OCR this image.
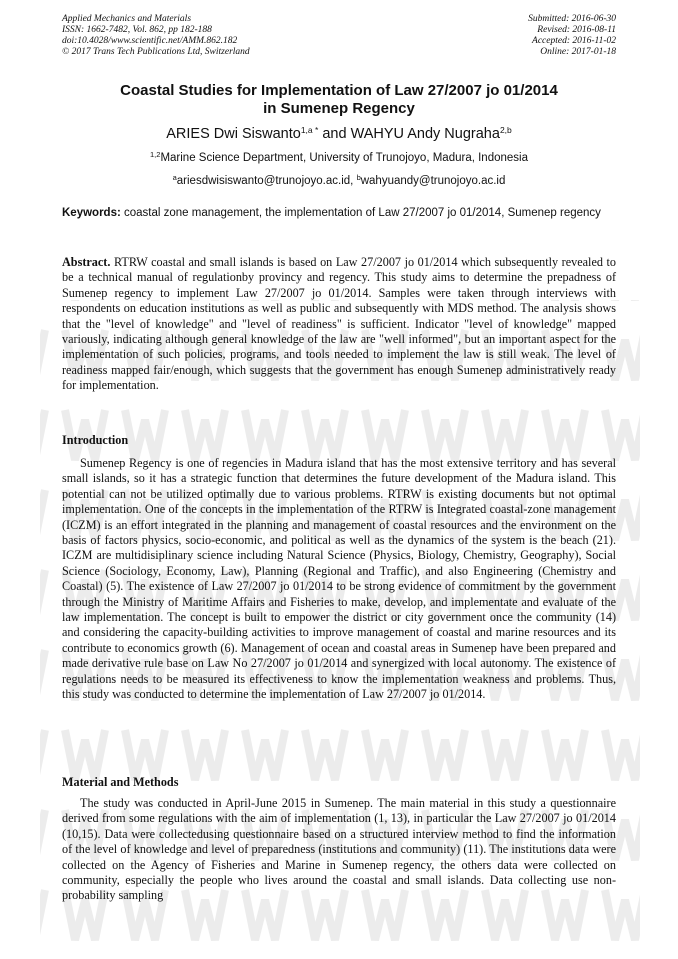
Applied Mechanics and Materials
ISSN: 1662-7482, Vol. 862, pp 182-188
doi:10.4028/www.scientific.net/AMM.862.182
© 2017 Trans Tech Publications Ltd, Switzerland
Submitted: 2016-06-30
Revised: 2016-08-11
Accepted: 2016-11-02
Online: 2017-01-18
Coastal Studies for Implementation of Law 27/2007 jo 01/2014
in Sumenep Regency
ARIES Dwi Siswanto$^{1,a *}$ and WAHYU Andy Nugraha$^{2,b}$
$^{1,2}$Marine Science Department, University of Trunojoyo, Madura, Indonesia
$^a$ariesdwisiswanto@trunojoyo.ac.id, $^b$wahyuandy@trunojoyo.ac.id
Keywords: coastal zone management, the implementation of Law 27/2007 jo 01/2014, Sumenep regency
Abstract. RTRW coastal and small islands is based on Law 27/2007 jo 01/2014 which subsequently revealed to be a technical manual of regulationby provincy and regency. This study aims to determine the prepadness of Sumenep regency to implement Law 27/2007 jo 01/2014. Samples were taken through interviews with respondents on education institutions as well as public and subsequently with MDS method. The analysis shows that the "level of knowledge" and "level of readiness" is sufficient. Indicator "level of knowledge" mapped variously, indicating although general knowledge of the law are "well informed", but an important aspect for the implementation of such policies, programs, and tools needed to implement the law is still weak. The level of readiness mapped fair/enough, which suggests that the government has enough Sumenep administratively ready for implementation.
Introduction
Sumenep Regency is one of regencies in Madura island that has the most extensive territory and has several small islands, so it has a strategic function that determines the future development of the Madura island. This potential can not be utilized optimally due to various problems. RTRW is existing documents but not optimal implementation. One of the concepts in the implementation of the RTRW is Integrated coastal-zone management (ICZM) is an effort integrated in the planning and management of coastal resources and the environment on the basis of factors physics, socio-economic, and political as well as the dynamics of the system is the beach (21). ICZM are multidisiplinary science including Natural Science (Physics, Biology, Chemistry, Geography), Social Science (Sociology, Economy, Law), Planning (Regional and Traffic), and also Engineering (Chemistry and Coastal) (5). The existence of Law 27/2007 jo 01/2014 to be strong evidence of commitment by the government through the Ministry of Maritime Affairs and Fisheries to make, develop, and implementate and evaluate of the law implementation. The concept is built to empower the district or city government once the community (14) and considering the capacity-building activities to improve management of coastal and marine resources and its contribute to economics growth (6). Management of ocean and coastal areas in Sumenep have been prepared and made derivative rule base on Law No 27/2007 jo 01/2014 and synergized with local autonomy. The existence of regulations needs to be measured its effectiveness to know the implementation weakness and problems. Thus, this study was conducted to determine the implementation of Law 27/2007 jo 01/2014.
Material and Methods
The study was conducted in April-June 2015 in Sumenep. The main material in this study a questionnaire derived from some regulations with the aim of implementation (1, 13), in particular the Law 27/2007 jo 01/2014 (10,15). Data were collectedusing questionnaire based on a structured interview method to find the information of the level of knowledge and level of preparedness (institutions and community) (11). The institutions data were collected on the Agency of Fisheries and Marine in Sumenep regency, the others data were collected on community, especially the people who lives around the coastal and small islands. Data collecting use non-probability sampling
